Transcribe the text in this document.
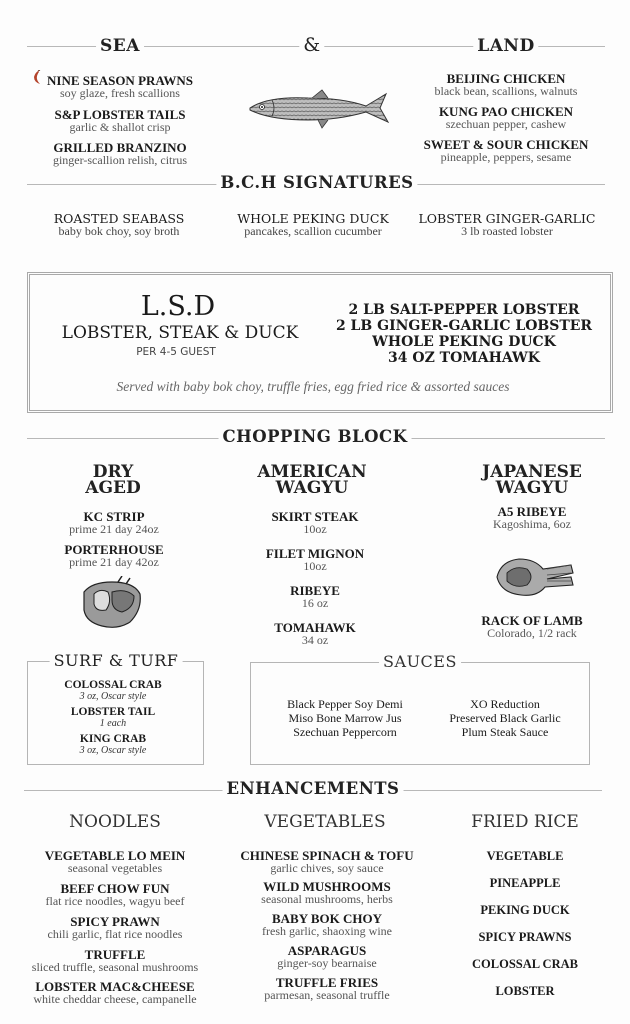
SEA	&	LAND
NINE SEASON PRAWNS
soy glaze, fresh scallions
S&P LOBSTER TAILS
garlic & shallot crisp
GRILLED BRANZINO
ginger-scallion relish, citrus
BEIJING CHICKEN
black bean, scallions, walnuts
KUNG PAO CHICKEN
szechuan pepper, cashew
SWEET & SOUR CHICKEN
pineapple, peppers, sesame
B.C.H SIGNATURES
ROASTED SEABASS
baby bok choy, soy broth
WHOLE PEKING DUCK
pancakes, scallion cucumber
LOBSTER GINGER-GARLIC
3 lb roasted lobster
L.S.D
LOBSTER, STEAK & DUCK
PER 4-5 GUEST
2 LB SALT-PEPPER LOBSTER
2 LB GINGER-GARLIC LOBSTER
WHOLE PEKING DUCK
34 OZ TOMAHAWK
Served with baby bok choy, truffle fries, egg fried rice & assorted sauces
CHOPPING BLOCK
DRY
AGED
KC STRIP
prime 21 day 24oz
PORTERHOUSE
prime 21 day 42oz
AMERICAN
WAGYU
SKIRT STEAK
10oz
FILET MIGNON
10oz
RIBEYE
16 oz
TOMAHAWK
34 oz
JAPANESE
WAGYU
A5 RIBEYE
Kagoshima, 6oz
RACK OF LAMB
Colorado, 1/2 rack
SURF & TURF
COLOSSAL CRAB
3 oz, Oscar style
LOBSTER TAIL
1 each
KING CRAB
3 oz, Oscar style
SAUCES
Black Pepper Soy Demi
Miso Bone Marrow Jus
Szechuan Peppercorn
XO Reduction
Preserved Black Garlic
Plum Steak Sauce
ENHANCEMENTS
NOODLES	VEGETABLES	FRIED RICE
VEGETABLE LO MEIN
seasonal vegetables
BEEF CHOW FUN
flat rice noodles, wagyu beef
SPICY PRAWN
chili garlic, flat rice noodles
TRUFFLE
sliced truffle, seasonal mushrooms
LOBSTER MAC&CHEESE
white cheddar cheese, campanelle
CHINESE SPINACH & TOFU
garlic chives, soy sauce
WILD MUSHROOMS
seasonal mushrooms, herbs
BABY BOK CHOY
fresh garlic, shaoxing wine
ASPARAGUS
ginger-soy bearnaise
TRUFFLE FRIES
parmesan, seasonal truffle
VEGETABLE
PINEAPPLE
PEKING DUCK
SPICY PRAWNS
COLOSSAL CRAB
LOBSTER
